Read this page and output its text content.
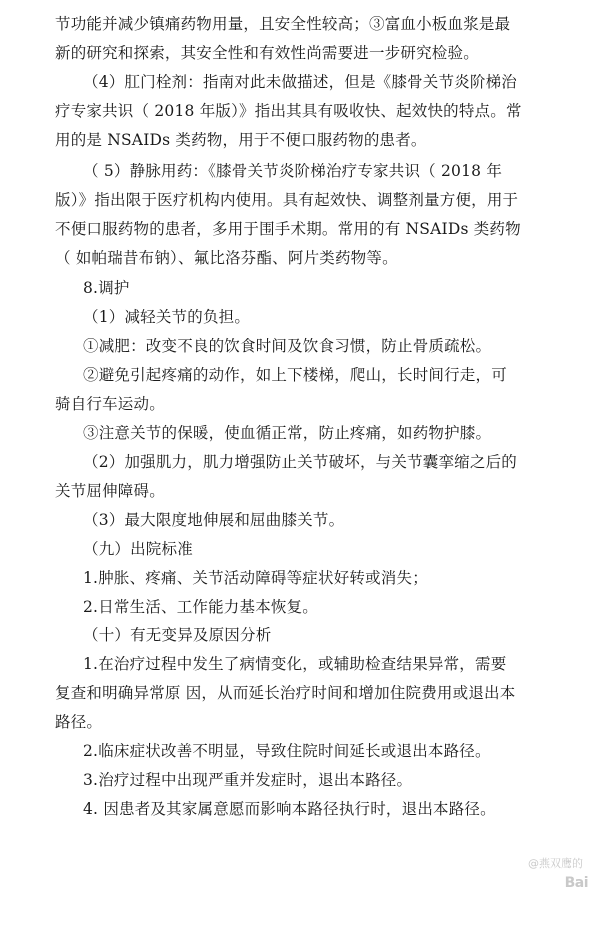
节功能并减少镇痛药物用量，且安全性较高；③富血小板血浆是最
新的研究和探索，其安全性和有效性尚需要进一步研究检验。
（4）肛门栓剂：指南对此未做描述，但是《膝骨关节炎阶梯治
疗专家共识（ 2018 年版）》指出其具有吸收快、起效快的特点。常
用的是 NSAIDs 类药物，用于不便口服药物的患者。
（ 5）静脉用药：《膝骨关节炎阶梯治疗专家共识（ 2018 年
版）》指出限于医疗机构内使用。具有起效快、调整剂量方便，用于
不便口服药物的患者，多用于围手术期。常用的有 NSAIDs 类药物
（ 如帕瑞昔布钠）、氟比洛芬酯、阿片类药物等。
8.调护
（1）减轻关节的负担。
①减肥：改变不良的饮食时间及饮食习惯，防止骨质疏松。
②避免引起疼痛的动作，如上下楼梯，爬山，长时间行走，可
骑自行车运动。
③注意关节的保暖，使血循正常，防止疼痛，如药物护膝。
（2）加强肌力，肌力增强防止关节破坏，与关节囊挛缩之后的
关节屈伸障碍。
（3）最大限度地伸展和屈曲膝关节。
（九）出院标准
1.肿胀、疼痛、关节活动障碍等症状好转或消失；
2.日常生活、工作能力基本恢复。
（十）有无变异及原因分析
1.在治疗过程中发生了病情变化，或辅助检查结果异常，需要
复查和明确异常原 因，从而延长治疗时间和增加住院费用或退出本
路径。
2.临床症状改善不明显，导致住院时间延长或退出本路径。
3.治疗过程中出现严重并发症时，退出本路径。
4. 因患者及其家属意愿而影响本路径执行时，退出本路径。
@燕双鹰的
Bai
